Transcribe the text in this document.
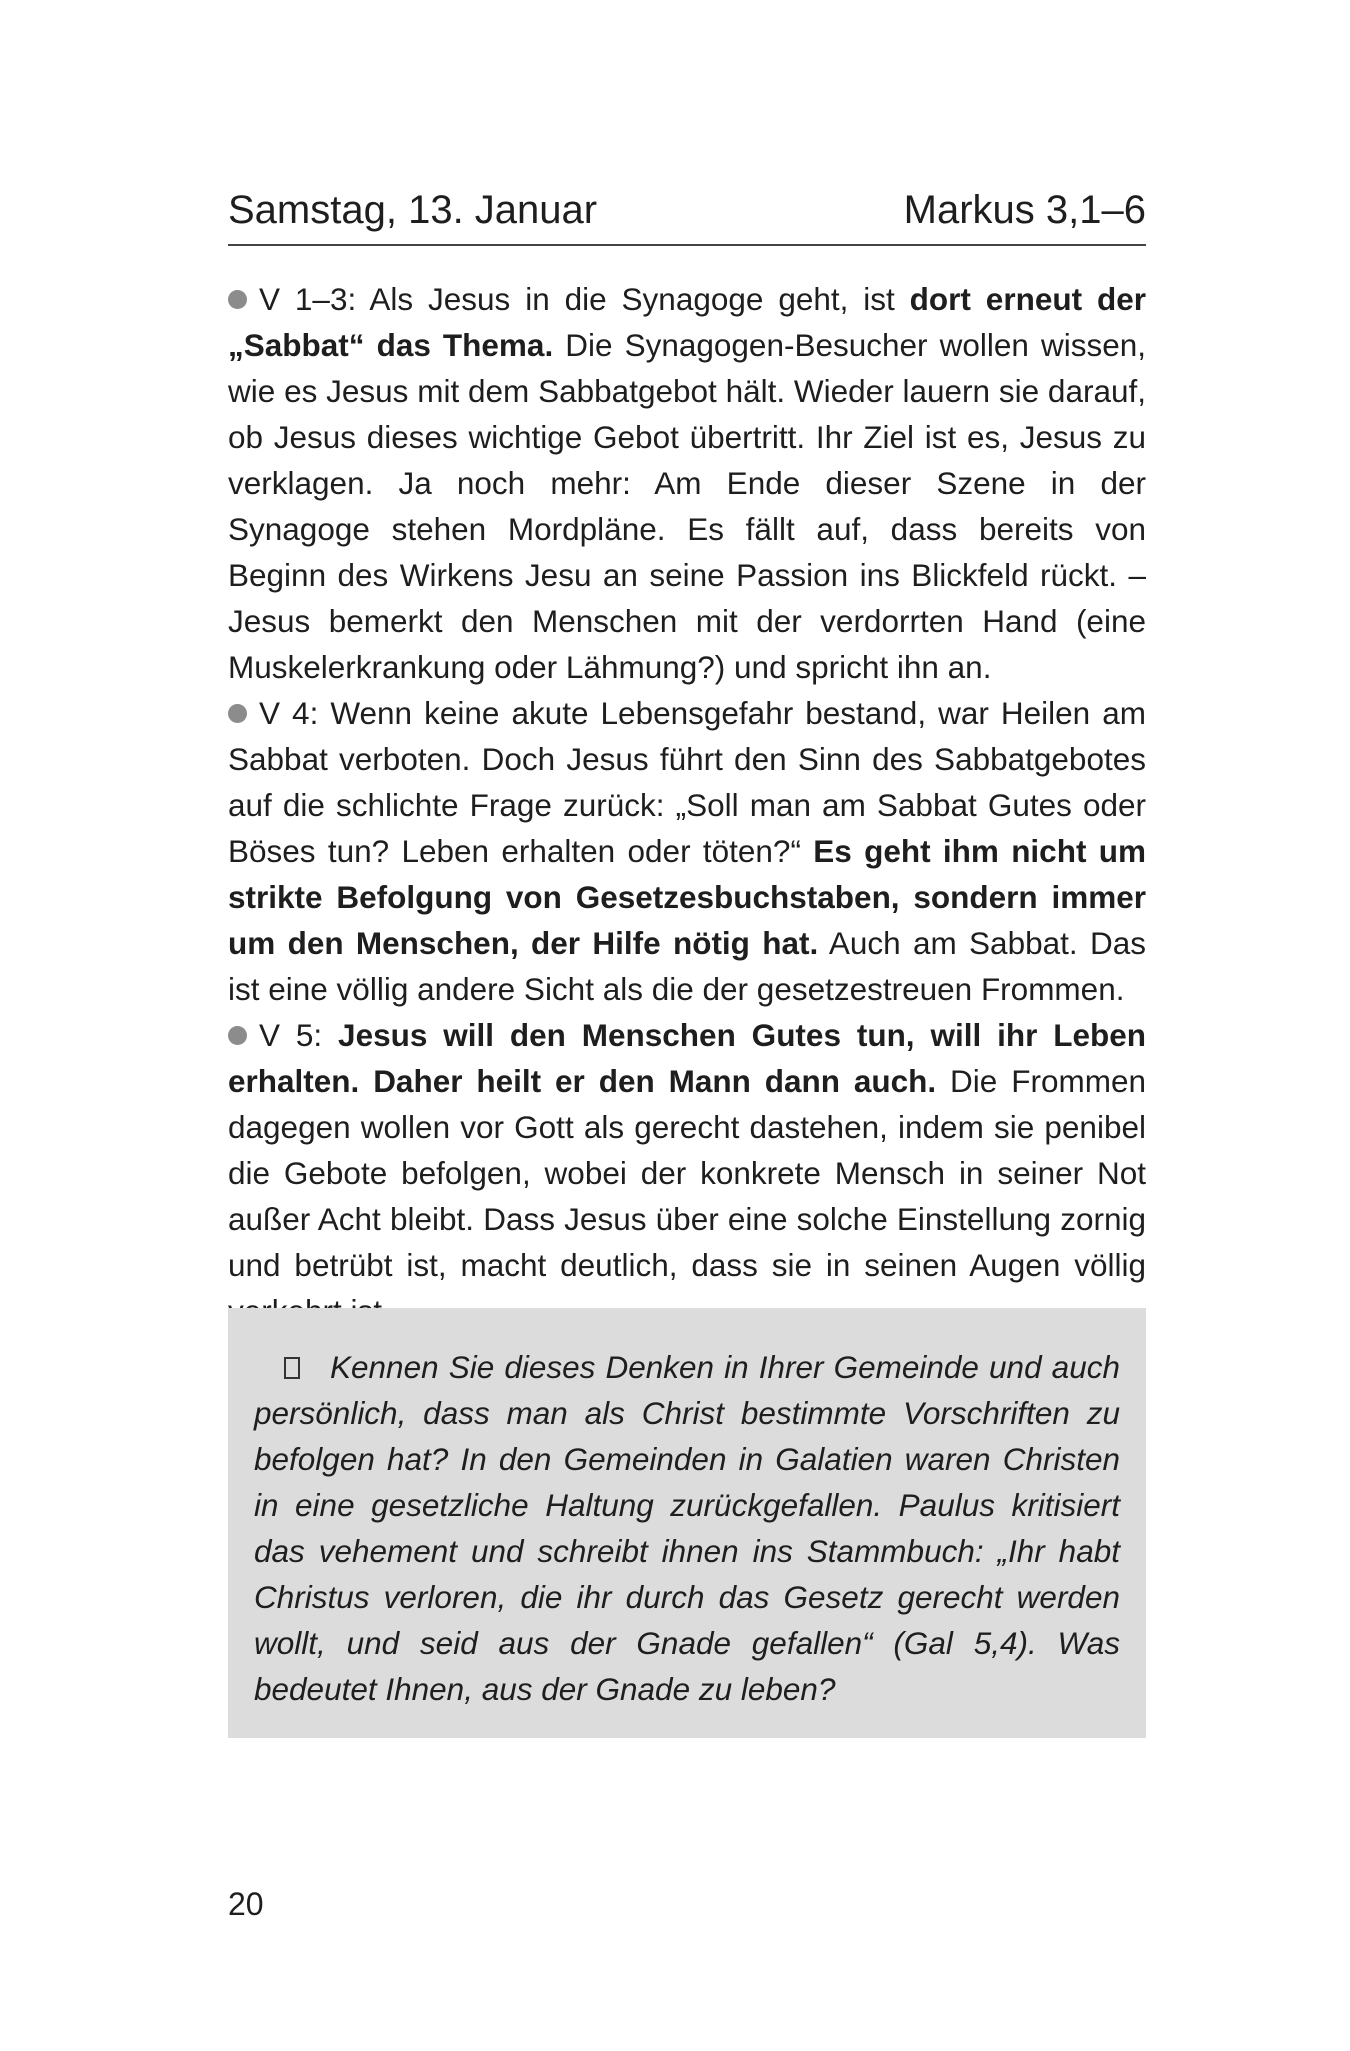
Samstag, 13. Januar	Markus 3,1–6

V 1–3: Als Jesus in die Synagoge geht, ist dort erneut der „Sabbat“ das Thema. Die Synagogen-Besucher wollen wissen, wie es Jesus mit dem Sabbatgebot hält. Wieder lauern sie darauf, ob Jesus dieses wichtige Gebot übertritt. Ihr Ziel ist es, Jesus zu verklagen. Ja noch mehr: Am Ende dieser Szene in der Synagoge stehen Mordpläne. Es fällt auf, dass bereits von Beginn des Wirkens Jesu an seine Passion ins Blickfeld rückt. – Jesus bemerkt den Menschen mit der verdorrten Hand (eine Muskelerkrankung oder Lähmung?) und spricht ihn an.

V 4: Wenn keine akute Lebensgefahr bestand, war Heilen am Sabbat verboten. Doch Jesus führt den Sinn des Sabbatgebotes auf die schlichte Frage zurück: „Soll man am Sabbat Gutes oder Böses tun? Leben erhalten oder töten?“ Es geht ihm nicht um strikte Befolgung von Gesetzesbuchstaben, sondern immer um den Menschen, der Hilfe nötig hat. Auch am Sabbat. Das ist eine völlig andere Sicht als die der gesetzestreuen Frommen.

V 5: Jesus will den Menschen Gutes tun, will ihr Leben erhalten. Daher heilt er den Mann dann auch. Die Frommen dagegen wollen vor Gott als gerecht dastehen, indem sie penibel die Gebote befolgen, wobei der konkrete Mensch in seiner Not außer Acht bleibt. Dass Jesus über eine solche Einstellung zornig und betrübt ist, macht deutlich, dass sie in seinen Augen völlig

Kennen Sie dieses Denken in Ihrer Gemeinde und auch persönlich, dass man als Christ bestimmte Vorschriften zu befolgen hat? In den Gemeinden in Galatien waren Christen in eine gesetzliche Haltung zurückgefallen. Paulus kritisiert das vehement und schreibt ihnen ins Stammbuch: „Ihr habt Christus verloren, die ihr durch das Gesetz gerecht werden wollt, und seid aus der Gnade gefallen“ (Gal 5,4). Was bedeutet Ihnen, aus der Gnade zu leben?

20
